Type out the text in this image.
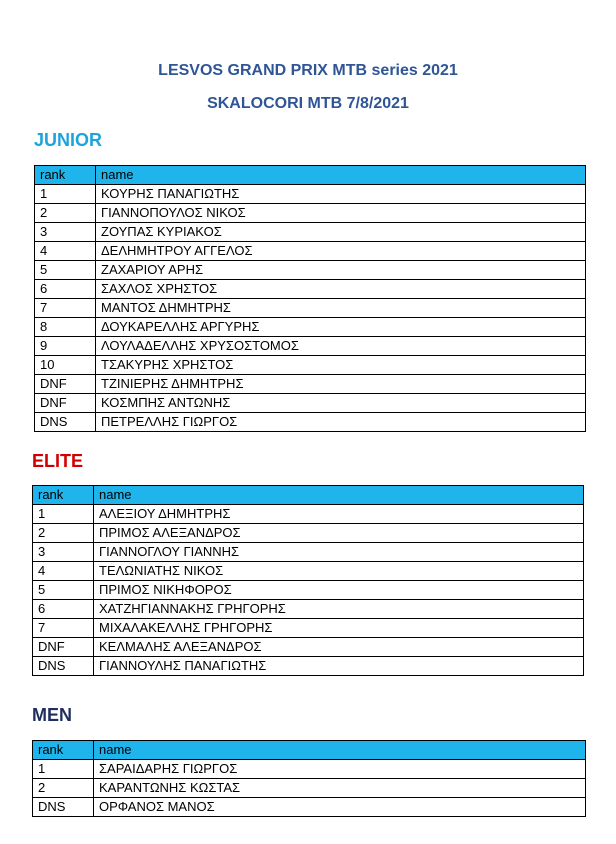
LESVOS GRAND PRIX MTB series 2021
SKALOCORI MTB 7/8/2021
JUNIOR
rank	name
1	ΚΟΥΡΗΣ ΠΑΝΑΓΙΩΤΗΣ
2	ΓΙΑΝΝΟΠΟΥΛΟΣ ΝΙΚΟΣ
3	ΖΟΥΠΑΣ ΚΥΡΙΑΚΟΣ
4	ΔΕΛΗΜΗΤΡΟΥ ΑΓΓΕΛΟΣ
5	ΖΑΧΑΡΙΟΥ ΑΡΗΣ
6	ΣΑΧΛΟΣ ΧΡΗΣΤΟΣ
7	ΜΑΝΤΟΣ ΔΗΜΗΤΡΗΣ
8	ΔΟΥΚΑΡΕΛΛΗΣ ΑΡΓΥΡΗΣ
9	ΛΟΥΛΑΔΕΛΛΗΣ ΧΡΥΣΟΣΤΟΜΟΣ
10	ΤΣΑΚΥΡΗΣ ΧΡΗΣΤΟΣ
DNF	ΤΖΙΝΙΕΡΗΣ ΔΗΜΗΤΡΗΣ
DNF	ΚΟΣΜΠΗΣ ΑΝΤΩΝΗΣ
DNS	ΠΕΤΡΕΛΛΗΣ ΓΙΩΡΓΟΣ
ELITE
rank	name
1	ΑΛΕΞΙΟΥ ΔΗΜΗΤΡΗΣ
2	ΠΡΙΜΟΣ ΑΛΕΞΑΝΔΡΟΣ
3	ΓΙΑΝΝΟΓΛΟΥ ΓΙΑΝΝΗΣ
4	ΤΕΛΩΝΙΑΤΗΣ ΝΙΚΟΣ
5	ΠΡΙΜΟΣ ΝΙΚΗΦΟΡΟΣ
6	ΧΑΤΖΗΓΙΑΝΝΑΚΗΣ ΓΡΗΓΟΡΗΣ
7	ΜΙΧΑΛΑΚΕΛΛΗΣ ΓΡΗΓΟΡΗΣ
DNF	ΚΕΛΜΑΛΗΣ ΑΛΕΞΑΝΔΡΟΣ
DNS	ΓΙΑΝΝΟΥΛΗΣ ΠΑΝΑΓΙΩΤΗΣ
MEN
rank	name
1	ΣΑΡΑΙΔΑΡΗΣ ΓΙΩΡΓΟΣ
2	ΚΑΡΑΝΤΩΝΗΣ ΚΩΣΤΑΣ
DNS	ΟΡΦΑΝΟΣ ΜΑΝΟΣ
